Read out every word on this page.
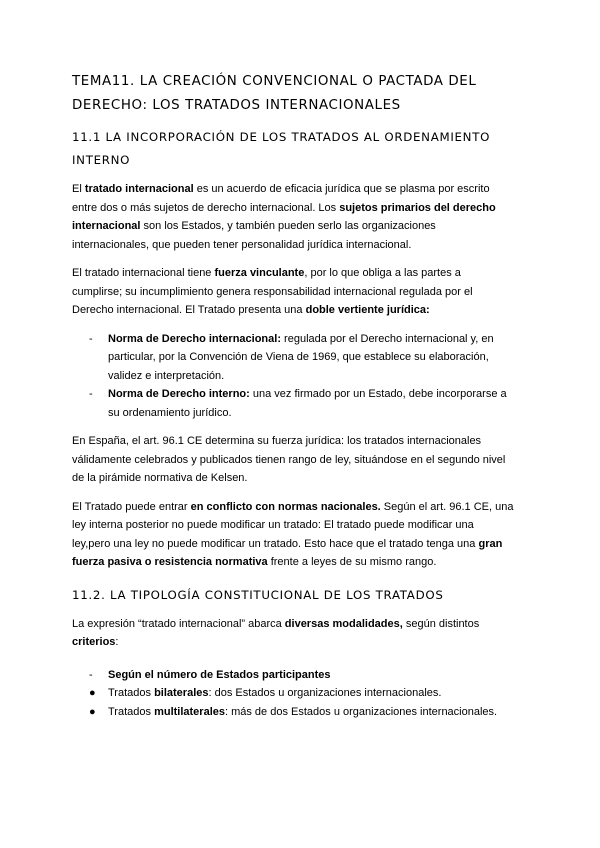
TEMA11. LA CREACIÓN CONVENCIONAL O PACTADA DEL
DERECHO: LOS TRATADOS INTERNACIONALES
11.1 LA INCORPORACIÓN DE LOS TRATADOS AL ORDENAMIENTO
INTERNO

El tratado internacional es un acuerdo de eficacia jurídica que se plasma por escrito entre dos o más sujetos de derecho internacional. Los sujetos primarios del derecho internacional son los Estados, y también pueden serlo las organizaciones internacionales, que pueden tener personalidad jurídica internacional.

El tratado internacional tiene fuerza vinculante, por lo que obliga a las partes a cumplirse; su incumplimiento genera responsabilidad internacional regulada por el Derecho internacional. El Tratado presenta una doble vertiente jurídica:

- Norma de Derecho internacional: regulada por el Derecho internacional y, en particular, por la Convención de Viena de 1969, que establece su elaboración, validez e interpretación.
- Norma de Derecho interno: una vez firmado por un Estado, debe incorporarse a su ordenamiento jurídico.

En España, el art. 96.1 CE determina su fuerza jurídica: los tratados internacionales válidamente celebrados y publicados tienen rango de ley, situándose en el segundo nivel de la pirámide normativa de Kelsen.

El Tratado puede entrar en conflicto con normas nacionales. Según el art. 96.1 CE, una ley interna posterior no puede modificar un tratado: El tratado puede modificar una ley,pero una ley no puede modificar un tratado. Esto hace que el tratado tenga una gran fuerza pasiva o resistencia normativa frente a leyes de su mismo rango.

11.2. LA TIPOLOGÍA CONSTITUCIONAL DE LOS TRATADOS

La expresión “tratado internacional” abarca diversas modalidades, según distintos criterios:

- Según el número de Estados participantes
● Tratados bilaterales: dos Estados u organizaciones internacionales.
● Tratados multilaterales: más de dos Estados u organizaciones internacionales.
